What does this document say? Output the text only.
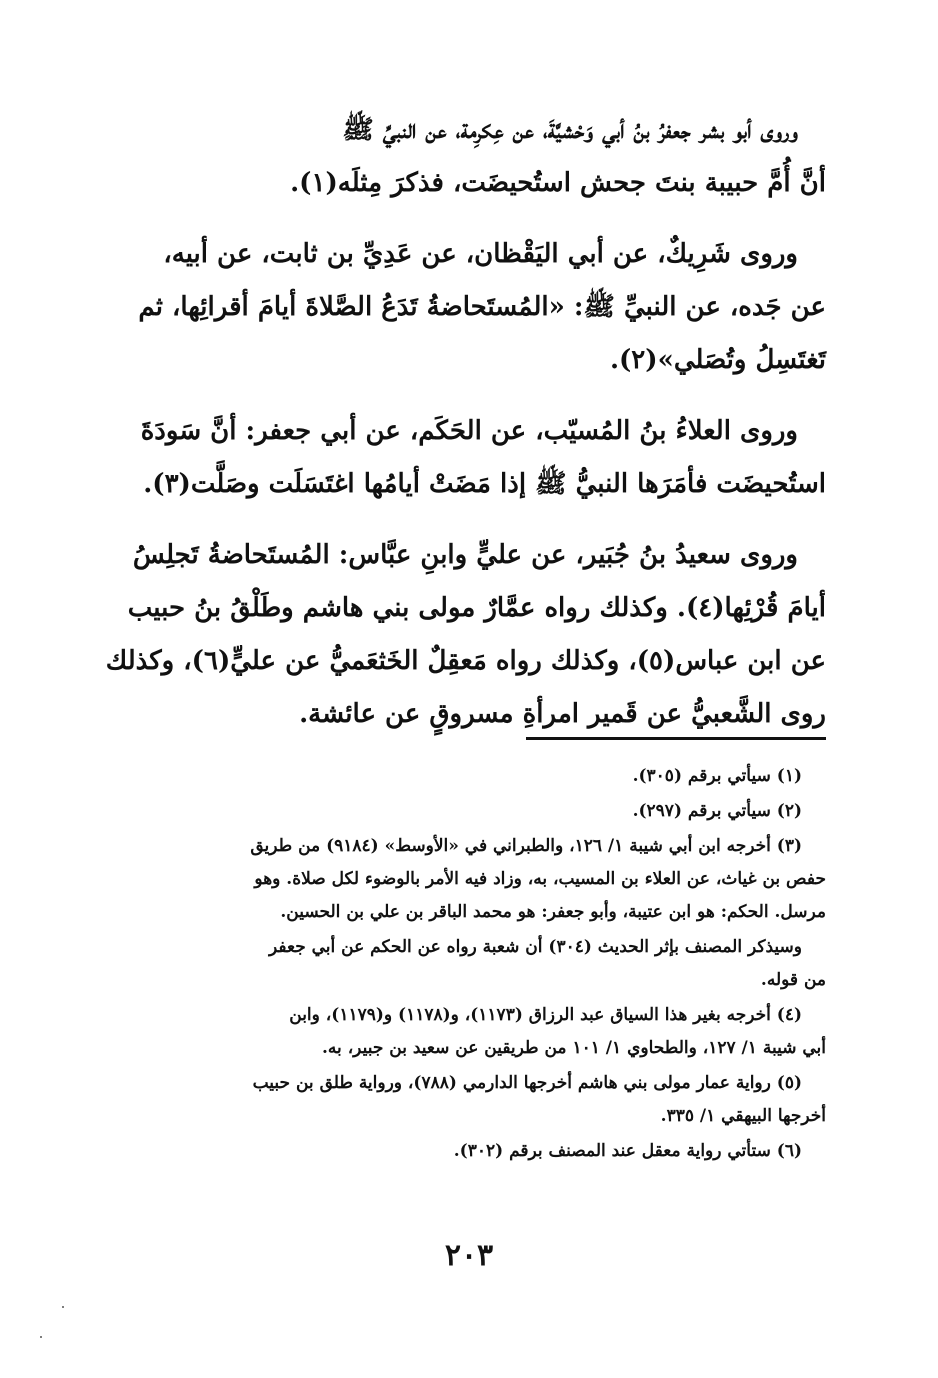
وروى أبو بشر جعفرُ بنُ أبي وَحْشيَّةَ، عن عِكرِمة، عن النبيِّ ﷺ
أنَّ أُمَّ حبيبة بنتَ جحش استُحيضَت، فذكرَ مِثلَه(١).

وروى شَرِيكٌ، عن أبي اليَقْظان، عن عَدِيِّ بن ثابت، عن أبيه،
عن جَده، عن النبيِّ ﷺ: «المُستَحاضةُ تَدَعُ الصَّلاةَ أيامَ أقرائِها، ثم
تَغتَسِلُ وتُصَلي»(٢).

وروى العلاءُ بنُ المُسيّب، عن الحَكَم، عن أبي جعفر: أنَّ سَودَةَ
استُحيضَت فأمَرَها النبيُّ ﷺ إذا مَضَتْ أيامُها اغتَسَلَت وصَلَّت(٣).

وروى سعيدُ بنُ جُبَير، عن عليٍّ وابنِ عبَّاس: المُستَحاضةُ تَجلِسُ
أيامَ قُرْئِها(٤). وكذلك رواه عمَّارٌ مولى بني هاشم وطَلْقُ بنُ حبيب
عن ابن عباس(٥)، وكذلك رواه مَعقِلٌ الخَثعَميُّ عن عليٍّ(٦)، وكذلك
روى الشَّعبيُّ عن قَمير امرأةِ مسروقٍ عن عائشة.

(١) سيأتي برقم (٣٠٥).

(٢) سيأتي برقم (٢٩٧).

(٣) أخرجه ابن أبي شيبة ١/ ١٢٦، والطبراني في «الأوسط» (٩١٨٤) من طريق
حفص بن غياث، عن العلاء بن المسيب، به، وزاد فيه الأمر بالوضوء لكل صلاة. وهو
مرسل. الحكم: هو ابن عتيبة، وأبو جعفر: هو محمد الباقر بن علي بن الحسين.

وسيذكر المصنف بإثر الحديث (٣٠٤) أن شعبة رواه عن الحكم عن أبي جعفر
من قوله.

(٤) أخرجه بغير هذا السياق عبد الرزاق (١١٧٣)، و(١١٧٨) و(١١٧٩)، وابن
أبي شيبة ١/ ١٢٧، والطحاوي ١/ ١٠١ من طريقين عن سعيد بن جبير، به.

(٥) رواية عمار مولى بني هاشم أخرجها الدارمي (٧٨٨)، ورواية طلق بن حبيب
أخرجها البيهقي ١/ ٣٣٥.

(٦) ستأتي رواية معقل عند المصنف برقم (٣٠٢).

٢٠٣
